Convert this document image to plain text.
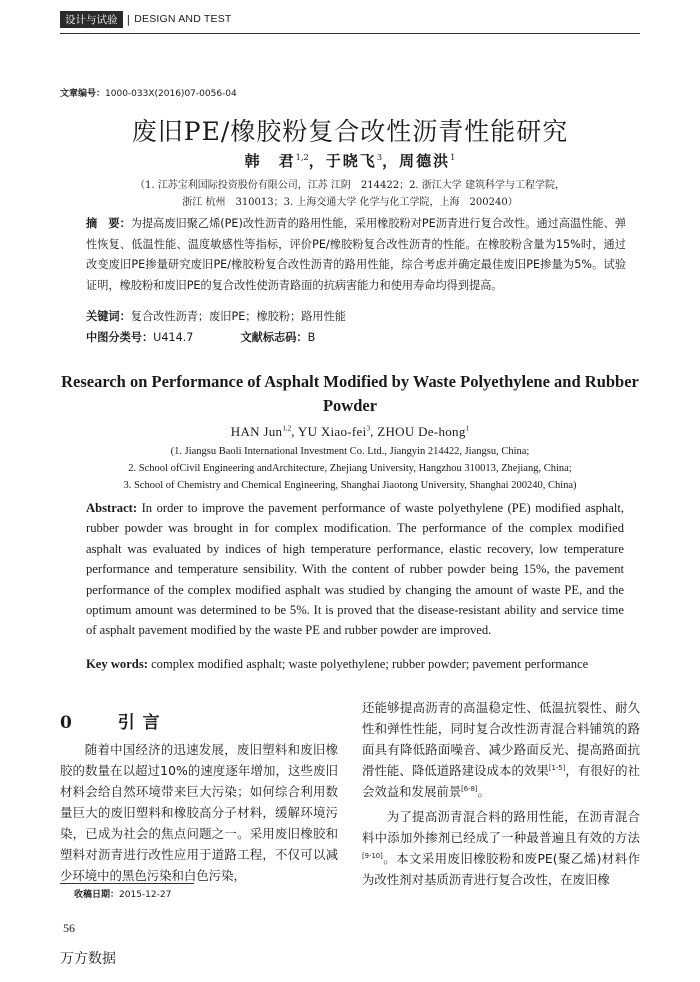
设计与试验 | DESIGN AND TEST
文章编号：1000-033X(2016)07-0056-04
废旧PE/橡胶粉复合改性沥青性能研究
韩　君$^{1,2}$，于晓飞$^3$，周德洪$^1$
（1. 江苏宝利国际投资股份有限公司，江苏 江阴　214422；2. 浙江大学 建筑科学与工程学院，
浙江 杭州　310013；3. 上海交通大学 化学与化工学院，上海　200240）
摘　要：为提高废旧聚乙烯(PE)改性沥青的路用性能，采用橡胶粉对PE沥青进行复合改性。通过高温性能、弹性恢复、低温性能、温度敏感性等指标，评价PE/橡胶粉复合改性沥青的性能。在橡胶粉含量为15%时，通过改变废旧PE掺量研究废旧PE/橡胶粉复合改性沥青的路用性能，综合考虑并确定最佳废旧PE掺量为5%。试验证明，橡胶粉和废旧PE的复合改性使沥青路面的抗病害能力和使用寿命均得到提高。
关键词：复合改性沥青；废旧PE；橡胶粉；路用性能
中图分类号：U414.7	文献标志码：B
Research on Performance of Asphalt Modified by Waste Polyethylene and Rubber Powder
HAN Jun$^{1,2}$, YU Xiao-fei$^3$, ZHOU De-hong$^1$
(1. Jiangsu Baoli International Investment Co. Ltd., Jiangyin 214422, Jiangsu, China;
2. School ofCivil Engineering andArchitecture, Zhejiang University, Hangzhou 310013, Zhejiang, China;
3. School of Chemistry and Chemical Engineering, Shanghai Jiaotong University, Shanghai 200240, China)
Abstract: In order to improve the pavement performance of waste polyethylene (PE) modified asphalt, rubber powder was brought in for complex modification. The performance of the complex modified asphalt was evaluated by indices of high temperature performance, elastic recovery, low temperature performance and temperature sensibility. With the content of rubber powder being 15%, the pavement performance of the complex modified asphalt was studied by changing the amount of waste PE, and the optimum amount was determined to be 5%. It is proved that the disease-resistant ability and service time of asphalt pavement modified by the waste PE and rubber powder are improved.
Key words: complex modified asphalt; waste polyethylene; rubber powder; pavement performance
0 引言
随着中国经济的迅速发展，废旧塑料和废旧橡胶的数量在以超过10%的速度逐年增加，这些废旧材料会给自然环境带来巨大污染；如何综合利用数量巨大的废旧塑料和橡胶高分子材料，缓解环境污染，已成为社会的焦点问题之一。采用废旧橡胶和塑料对沥青进行改性应用于道路工程，不仅可以减少环境中的黑色污染和白色污染，

还能够提高沥青的高温稳定性、低温抗裂性、耐久性和弹性性能，同时复合改性沥青混合料铺筑的路面具有降低路面噪音、减少路面反光、提高路面抗滑性能、降低道路建设成本的效果[1-5]，有很好的社会效益和发展前景[6-8]。

为了提高沥青混合料的路用性能，在沥青混合料中添加外掺剂已经成了一种最普遍且有效的方法[9-10]。本文采用废旧橡胶粉和废PE(聚乙烯)材料作为改性剂对基质沥青进行复合改性，在废旧橡

收稿日期：2015-12-27
56
万方数据
